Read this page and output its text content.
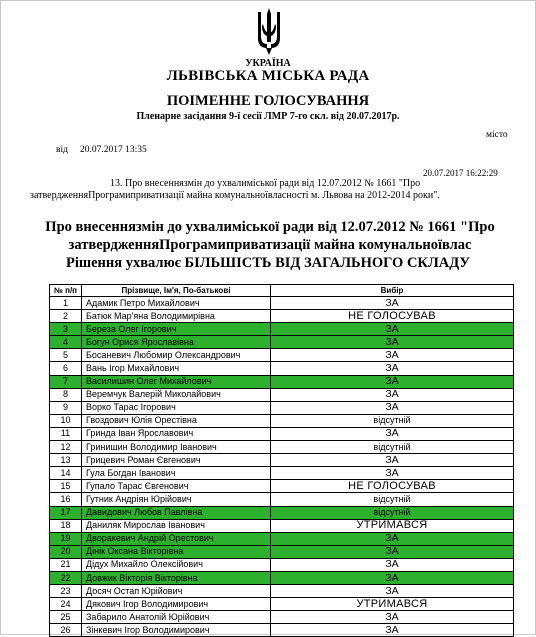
УКРАЇНА
ЛЬВІВСЬКА МІСЬКА РАДА
ПОІМЕННЕ ГОЛОСУВАННЯ
Пленарне засідання 9-ї сесії ЛМР 7-го скл. від 20.07.2017р.
місто
від 20.07.2017 13:35
20.07.2017 16:22:29
13. Про внесеннязмін до ухвалиміської ради від 12.07.2012 № 1661 "Про затвердженняПрограмиприватизації майна комунальноївласності м. Львова на 2012-2014 роки".
Про внесеннязмін до ухвалиміської ради від 12.07.2012 № 1661 "Про затвердженняПрограмиприватизації майна комунальноївлас
Рішення ухвалює БІЛЬШІСТЬ ВІД ЗАГАЛЬНОГО СКЛАДУ
№ п/п	Прізвище, Ім'я, По-батькові	Вибір
1	Адамик Петро Михайлович	ЗА
2	Батюк Мар'яна Володимирівна	НЕ ГОЛОСУВАВ
3	Береза Олег Ігорович	ЗА
4	Богун Орися Ярославівна	ЗА
5	Босаневич Любомир Олександрович	ЗА
6	Вань Ігор Михайлович	ЗА
7	Василишин Олег Михайлович	ЗА
8	Веремчук Валерій Миколайович	ЗА
9	Ворко Тарас Ігорович	ЗА
10	Гвоздович Юлія Орестівна	відсутній
11	Гринда Іван Ярославович	ЗА
12	Гринишин Володимир Іванович	відсутній
13	Грицевич Роман Євгенович	ЗА
14	Гула Богдан Іванович	ЗА
15	Гупало Тарас Євгенович	НЕ ГОЛОСУВАВ
16	Гутник Андріян Юрійович	відсутній
17	Давидович Любов Павлівна	відсутній
18	Даниляк Мирослав Іванович	УТРИМАВСЯ
19	Дворакевич Андрій Орестович	ЗА
20	Дінік Оксана Вікторівна	ЗА
21	Дідух Михайло Олексійович	ЗА
22	Довжик Вікторія Вікторівна	ЗА
23	Досяч Остап Юрійович	ЗА
24	Дякович Ігор Володимирович	УТРИМАВСЯ
25	Забарило Анатолій Юрійович	ЗА
26	Зінкевич Ігор Володимирович	ЗА
